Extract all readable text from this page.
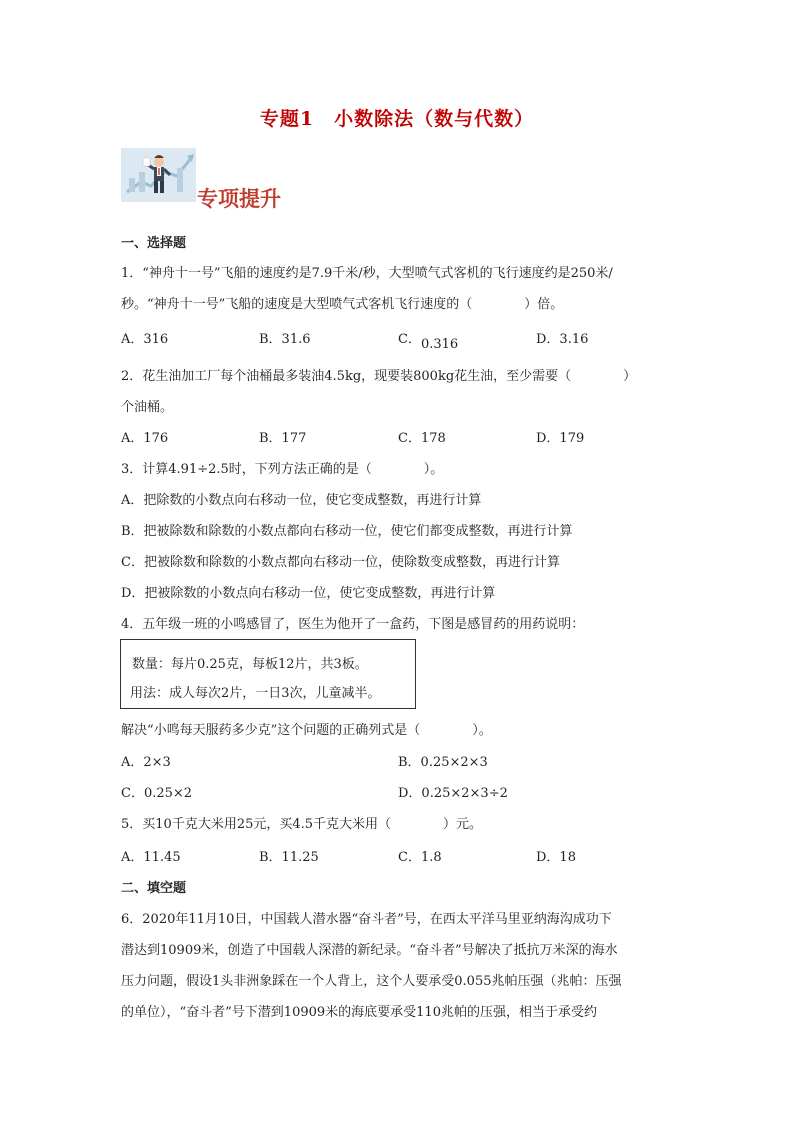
专题1　小数除法（数与代数）
专项提升
一、选择题
1．“神舟十一号”飞船的速度约是7.9千米/秒，大型喷气式客机的飞行速度约是250米/
秒。“神舟十一号”飞船的速度是大型喷气式客机飞行速度的（　　　　）倍。
A．316	B．31.6	C．0.316	D．3.16
2．花生油加工厂每个油桶最多装油4.5kg，现要装800kg花生油，至少需要（　　　　）
个油桶。
A．176	B．177	C．178	D．179
3．计算4.91÷2.5时，下列方法正确的是（　　　　）。
A．把除数的小数点向右移动一位，使它变成整数，再进行计算
B．把被除数和除数的小数点都向右移动一位，使它们都变成整数，再进行计算
C．把被除数和除数的小数点都向右移动一位，使除数变成整数，再进行计算
D．把被除数的小数点向右移动一位，使它变成整数，再进行计算
4．五年级一班的小鸣感冒了，医生为他开了一盒药，下图是感冒药的用药说明：
数量：每片0.25克，每板12片，共3板。
用法：成人每次2片，一日3次，儿童减半。
解决“小鸣每天服药多少克”这个问题的正确列式是（　　　　）。
A．2×3	B．0.25×2×3
C．0.25×2	D．0.25×2×3÷2
5．买10千克大米用25元，买4.5千克大米用（　　　　）元。
A．11.45	B．11.25	C．1.8	D．18
二、填空题
6．2020年11月10日，中国载人潜水器“奋斗者”号，在西太平洋马里亚纳海沟成功下
潜达到10909米，创造了中国载人深潜的新纪录。“奋斗者”号解决了抵抗万米深的海水
压力问题，假设1头非洲象踩在一个人背上，这个人要承受0.055兆帕压强（兆帕：压强
的单位），“奋斗者”号下潜到10909米的海底要承受110兆帕的压强，相当于承受约
